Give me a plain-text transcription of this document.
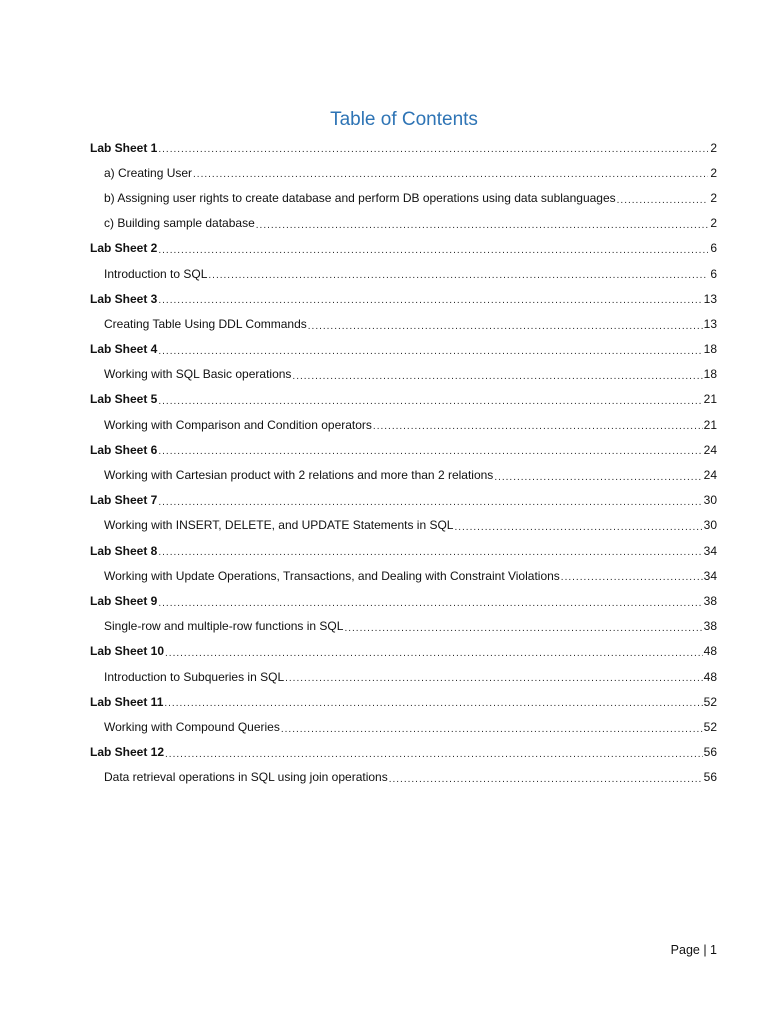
Table of Contents
Lab Sheet 1 .....	2
a) Creating User .....	2
b) Assigning user rights to create database and perform DB operations using data sublanguages .....	2
c) Building sample database .....	2
Lab Sheet 2 .....	6
Introduction to SQL .....	6
Lab Sheet 3 .....	13
Creating Table Using DDL Commands .....	13
Lab Sheet 4 .....	18
Working with SQL Basic operations .....	18
Lab Sheet 5 .....	21
Working with Comparison and Condition operators .....	21
Lab Sheet 6 .....	24
Working with Cartesian product with 2 relations and more than 2 relations .....	24
Lab Sheet 7 .....	30
Working with INSERT, DELETE, and UPDATE Statements in SQL .....	30
Lab Sheet 8 .....	34
Working with Update Operations, Transactions, and Dealing with Constraint Violations .....	34
Lab Sheet 9 .....	38
Single-row and multiple-row functions in SQL .....	38
Lab Sheet 10 .....	48
Introduction to Subqueries in SQL .....	48
Lab Sheet 11 .....	52
Working with Compound Queries .....	52
Lab Sheet 12 .....	56
Data retrieval operations in SQL using join operations .....	56
Page | 1
